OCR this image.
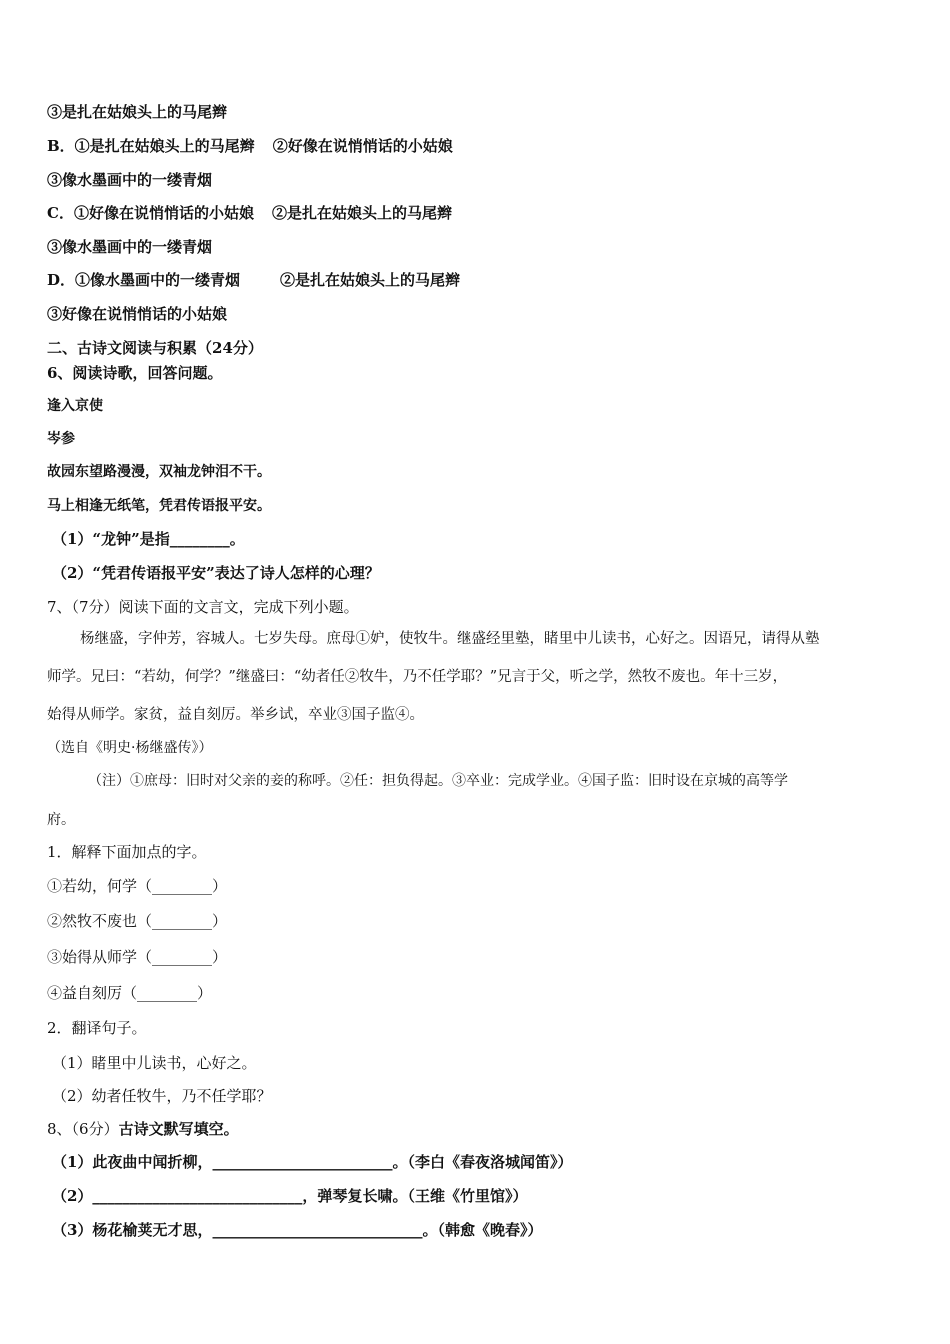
③是扎在姑娘头上的马尾辫
B．①是扎在姑娘头上的马尾辫 ②好像在说悄悄话的小姑娘
③像水墨画中的一缕青烟
C．①好像在说悄悄话的小姑娘 ②是扎在姑娘头上的马尾辫
③像水墨画中的一缕青烟
D．①像水墨画中的一缕青烟	②是扎在姑娘头上的马尾辫
③好像在说悄悄话的小姑娘
二、古诗文阅读与积累（24分）
6、阅读诗歌，回答问题。
逢入京使
岑参
故园东望路漫漫，双袖龙钟泪不干。
马上相逢无纸笔，凭君传语报平安。
（1）“龙钟”是指________。
（2）“凭君传语报平安”表达了诗人怎样的心理？
7、（7分）阅读下面的文言文，完成下列小题。
杨继盛，字仲芳，容城人。七岁失母。庶母①妒，使牧牛。继盛经里塾，睹里中儿读书，心好之。因语兄，请得从塾
师学。兄曰：“若幼，何学？”继盛曰：“幼者任②牧牛，乃不任学耶？”兄言于父，听之学，然牧不废也。年十三岁，
始得从师学。家贫，益自刻厉。举乡试，卒业③国子监④。
（选自《明史·杨继盛传》）
（注）①庶母：旧时对父亲的妾的称呼。②任：担负得起。③卒业：完成学业。④国子监：旧时设在京城的高等学
府。
1．解释下面加点的字。
①若幼，何学（________）
②然牧不废也（________）
③始得从师学（________）
④益自刻厉（________）
2．翻译句子。
（1）睹里中儿读书，心好之。
（2）幼者任牧牛，乃不任学耶？
8、（6分）古诗文默写填空。
（1）此夜曲中闻折柳，________________________。（李白《春夜洛城闻笛》）
（2）____________________________，弹琴复长啸。（王维《竹里馆》）
（3）杨花榆荚无才思，____________________________。（韩愈《晚春》）
